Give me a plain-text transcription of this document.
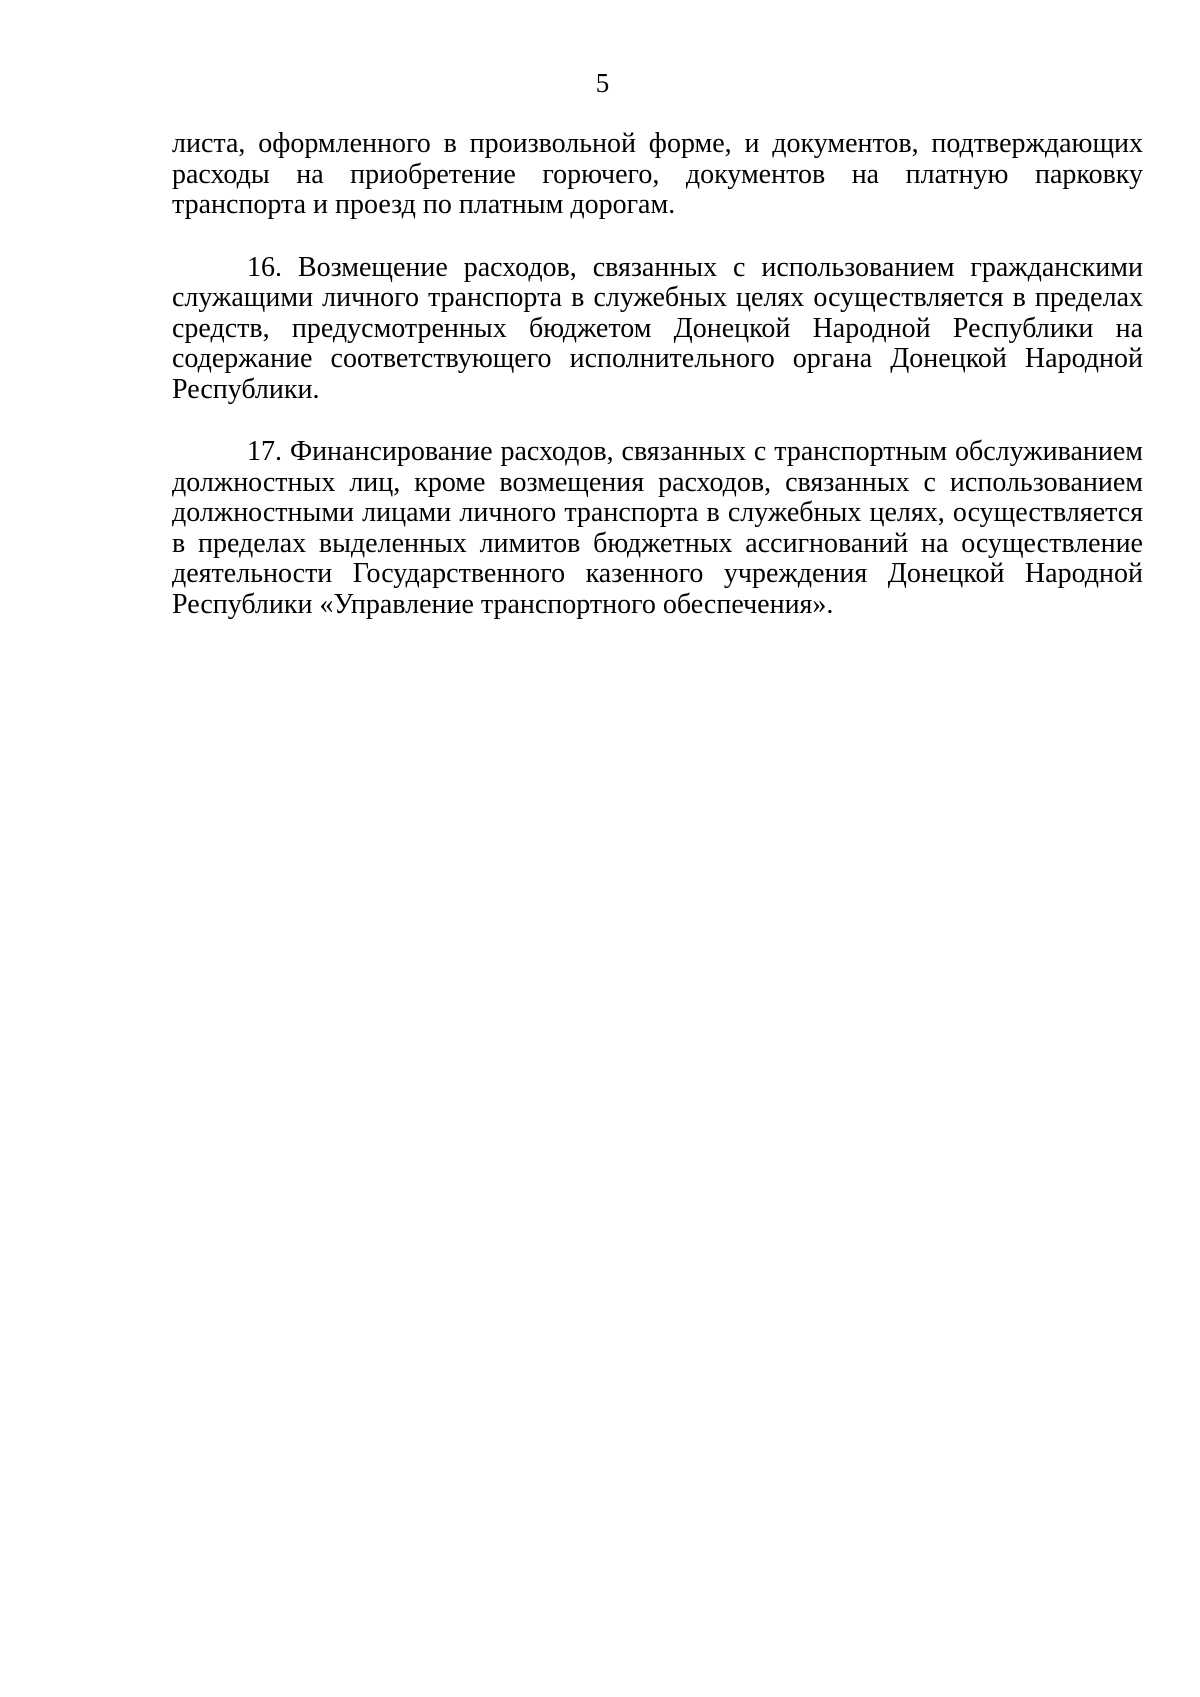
5

листа, оформленного в произвольной форме, и документов, подтверждающих расходы на приобретение горючего, документов на платную парковку транспорта и проезд по платным дорогам.

16. Возмещение расходов, связанных с использованием гражданскими служащими личного транспорта в служебных целях осуществляется в пределах средств, предусмотренных бюджетом Донецкой Народной Республики на содержание соответствующего исполнительного органа Донецкой Народной Республики.

17. Финансирование расходов, связанных с транспортным обслуживанием должностных лиц, кроме возмещения расходов, связанных с использованием должностными лицами личного транспорта в служебных целях, осуществляется в пределах выделенных лимитов бюджетных ассигнований на осуществление деятельности Государственного казенного учреждения Донецкой Народной Республики «Управление транспортного обеспечения».
